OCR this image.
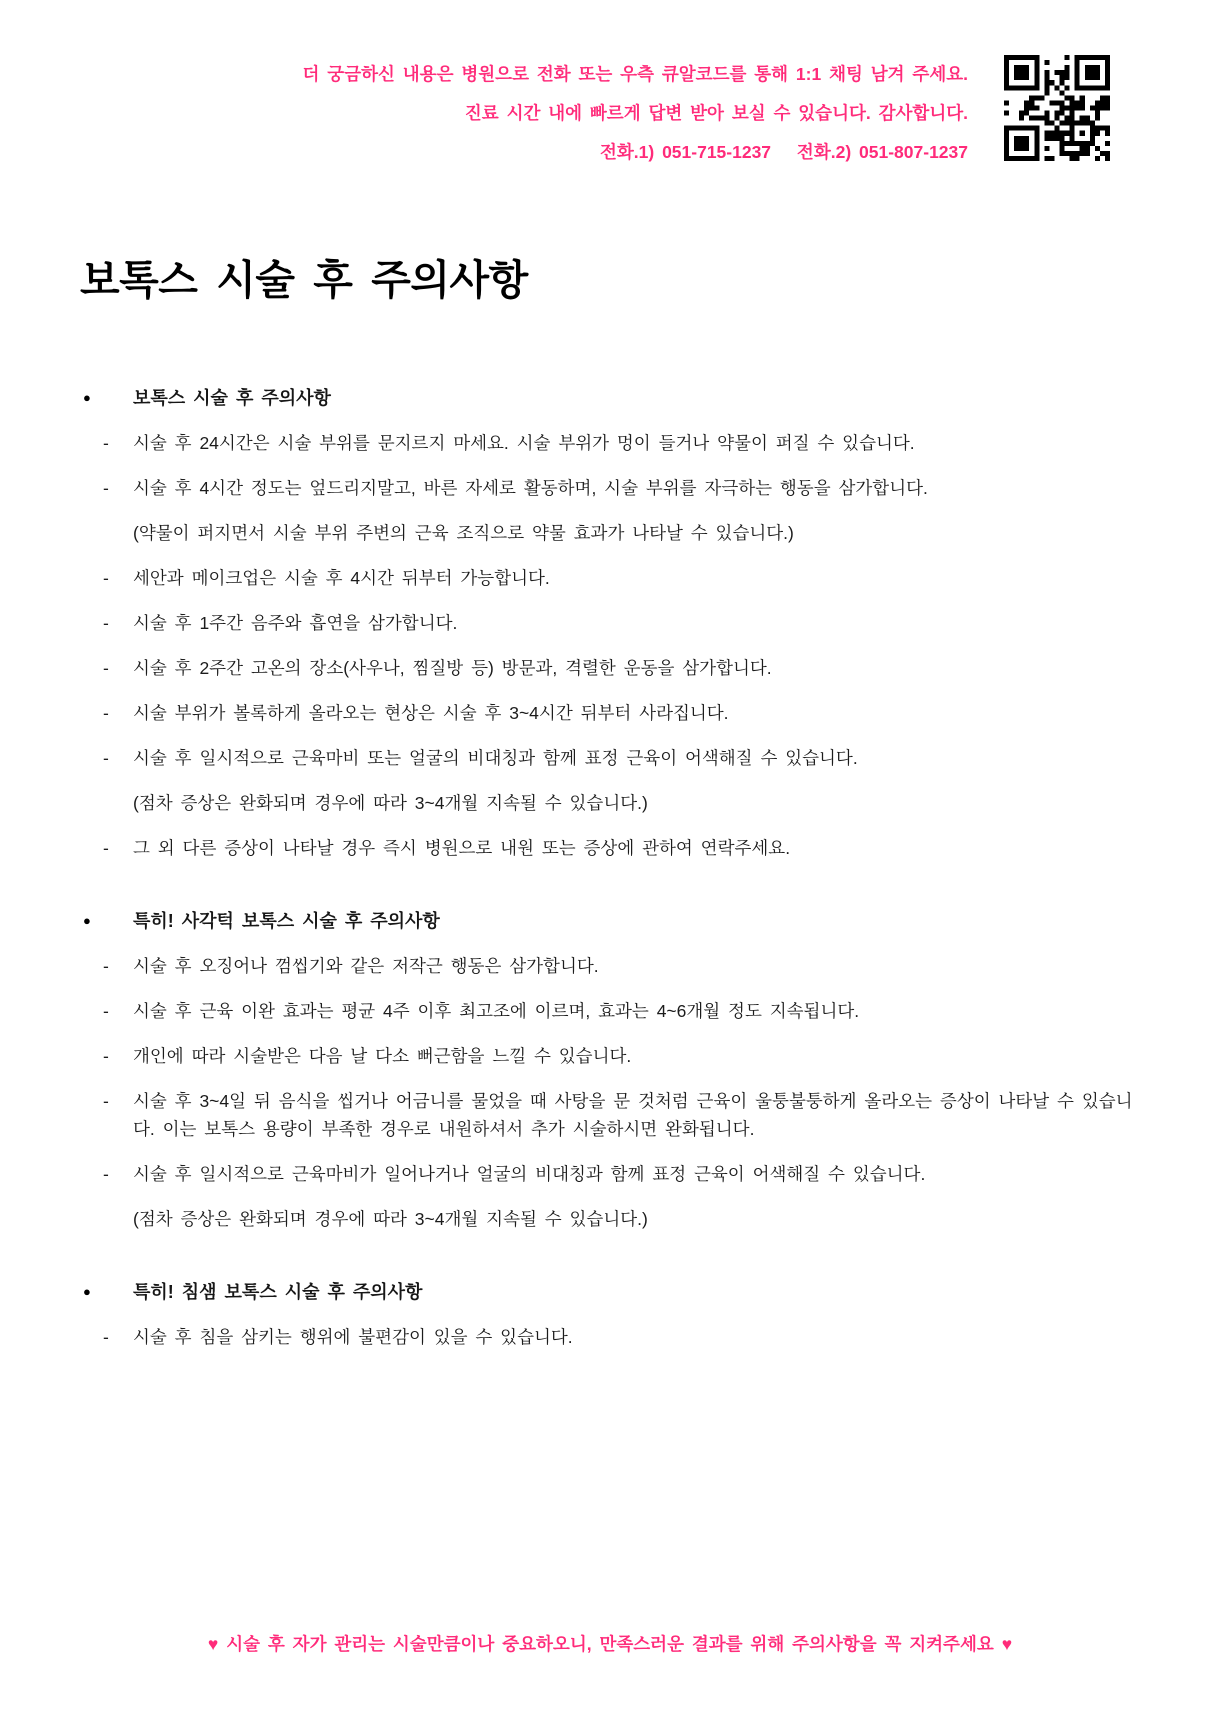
더 궁금하신 내용은 병원으로 전화 또는 우측 큐알코드를 통해 1:1 채팅 남겨 주세요.

진료 시간 내에 빠르게 답변 받아 보실 수 있습니다. 감사합니다.

전화.1) 051-715-1237 전화.2) 051-807-1237

보톡스 시술 후 주의사항
●	보톡스 시술 후 주의사항
-	시술 후 24시간은 시술 부위를 문지르지 마세요. 시술 부위가 멍이 들거나 약물이 퍼질 수 있습니다.
-	시술 후 4시간 정도는 엎드리지말고, 바른 자세로 활동하며, 시술 부위를 자극하는 행동을 삼가합니다.
(약물이 퍼지면서 시술 부위 주변의 근육 조직으로 약물 효과가 나타날 수 있습니다.)
-	세안과 메이크업은 시술 후 4시간 뒤부터 가능합니다.
-	시술 후 1주간 음주와 흡연을 삼가합니다.
-	시술 후 2주간 고온의 장소(사우나, 찜질방 등) 방문과, 격렬한 운동을 삼가합니다.
-	시술 부위가 볼록하게 올라오는 현상은 시술 후 3~4시간 뒤부터 사라집니다.
-	시술 후 일시적으로 근육마비 또는 얼굴의 비대칭과 함께 표정 근육이 어색해질 수 있습니다.
(점차 증상은 완화되며 경우에 따라 3~4개월 지속될 수 있습니다.)
-	그 외 다른 증상이 나타날 경우 즉시 병원으로 내원 또는 증상에 관하여 연락주세요.
●	특히! 사각턱 보톡스 시술 후 주의사항
-	시술 후 오징어나 껌씹기와 같은 저작근 행동은 삼가합니다.
-	시술 후 근육 이완 효과는 평균 4주 이후 최고조에 이르며, 효과는 4~6개월 정도 지속됩니다.
-	개인에 따라 시술받은 다음 날 다소 뻐근함을 느낄 수 있습니다.
-	시술 후 3~4일 뒤 음식을 씹거나 어금니를 물었을 때 사탕을 문 것처럼 근육이 울퉁불퉁하게 올라오는 증상이 나타날 수 있습니다. 이는 보톡스 용량이 부족한 경우로 내원하셔서 추가 시술하시면 완화됩니다.
-	시술 후 일시적으로 근육마비가 일어나거나 얼굴의 비대칭과 함께 표정 근육이 어색해질 수 있습니다.
(점차 증상은 완화되며 경우에 따라 3~4개월 지속될 수 있습니다.)
●	특히! 침샘 보톡스 시술 후 주의사항
-	시술 후 침을 삼키는 행위에 불편감이 있을 수 있습니다.
♥ 시술 후 자가 관리는 시술만큼이나 중요하오니, 만족스러운 결과를 위해 주의사항을 꼭 지켜주세요 ♥
